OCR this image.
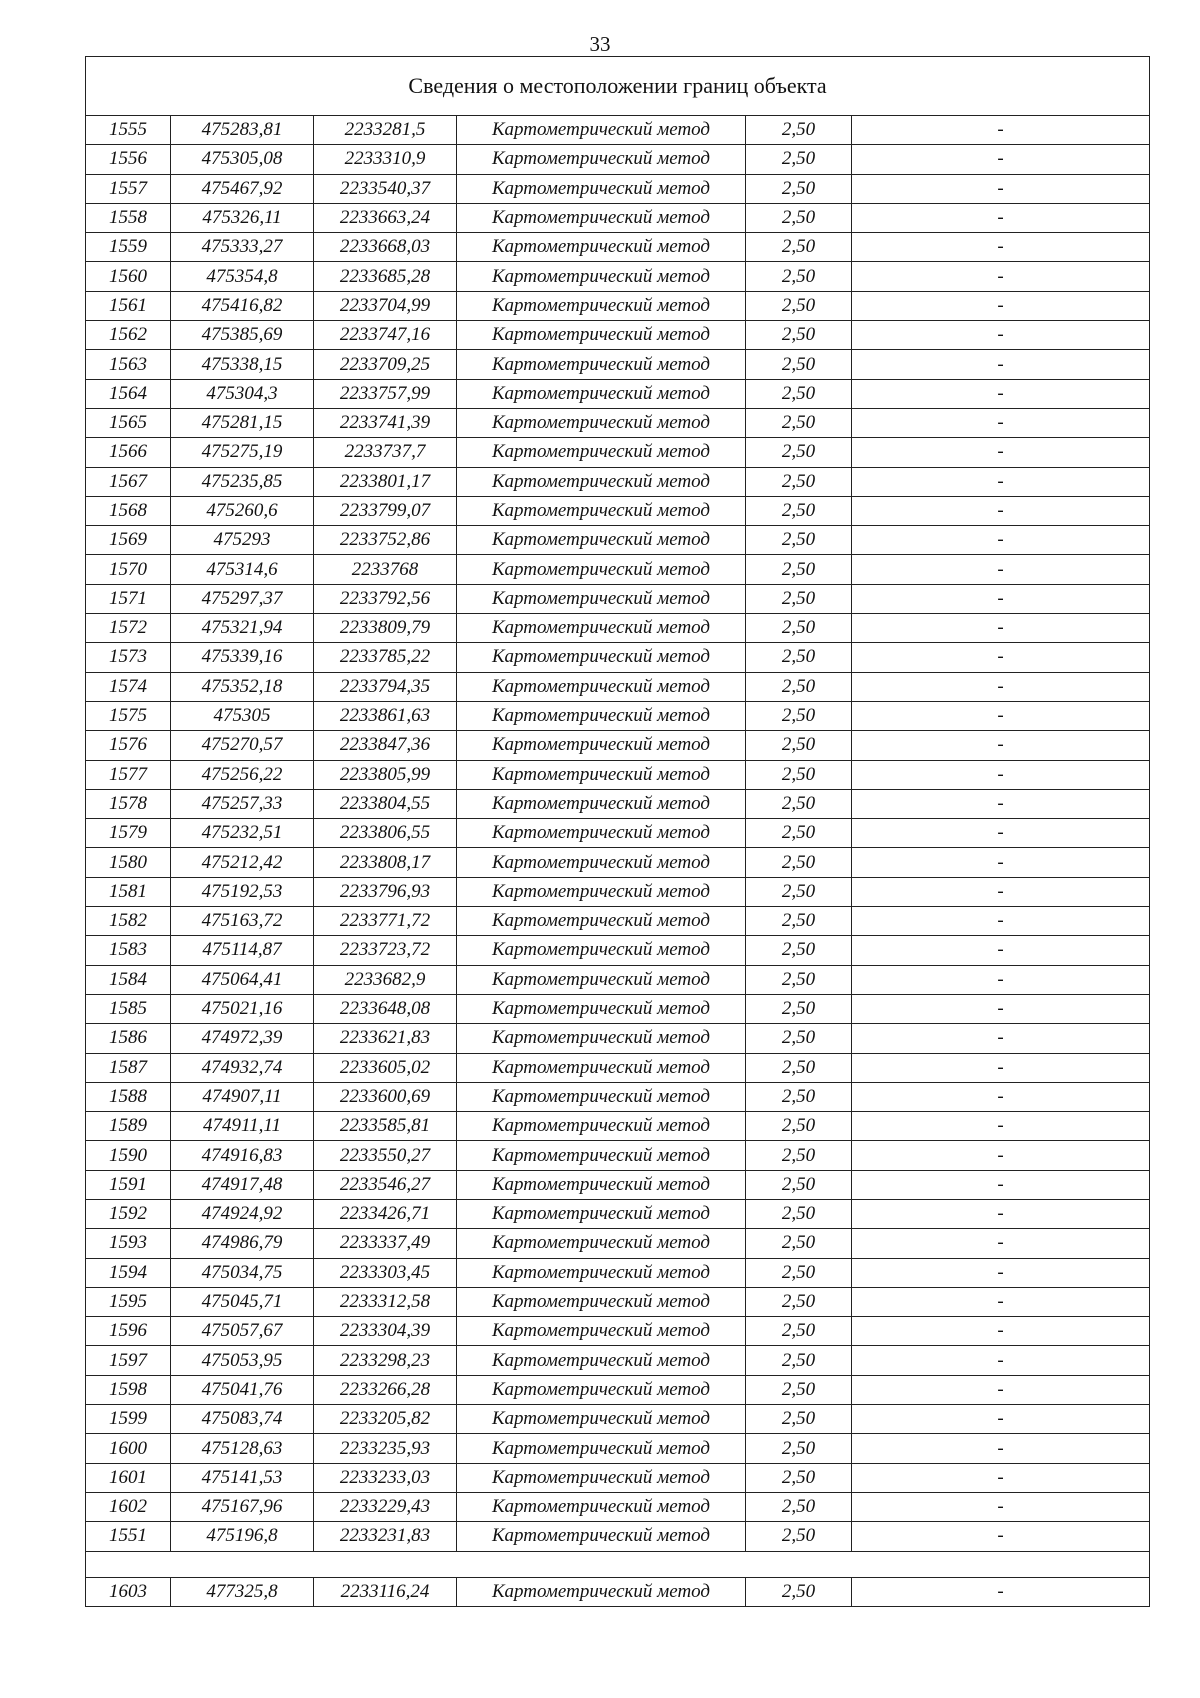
33
Сведения о местоположении границ объекта					
1555	475283,81	2233281,5	Картометрический метод	2,50	-
1556	475305,08	2233310,9	Картометрический метод	2,50	-
1557	475467,92	2233540,37	Картометрический метод	2,50	-
1558	475326,11	2233663,24	Картометрический метод	2,50	-
1559	475333,27	2233668,03	Картометрический метод	2,50	-
1560	475354,8	2233685,28	Картометрический метод	2,50	-
1561	475416,82	2233704,99	Картометрический метод	2,50	-
1562	475385,69	2233747,16	Картометрический метод	2,50	-
1563	475338,15	2233709,25	Картометрический метод	2,50	-
1564	475304,3	2233757,99	Картометрический метод	2,50	-
1565	475281,15	2233741,39	Картометрический метод	2,50	-
1566	475275,19	2233737,7	Картометрический метод	2,50	-
1567	475235,85	2233801,17	Картометрический метод	2,50	-
1568	475260,6	2233799,07	Картометрический метод	2,50	-
1569	475293	2233752,86	Картометрический метод	2,50	-
1570	475314,6	2233768	Картометрический метод	2,50	-
1571	475297,37	2233792,56	Картометрический метод	2,50	-
1572	475321,94	2233809,79	Картометрический метод	2,50	-
1573	475339,16	2233785,22	Картометрический метод	2,50	-
1574	475352,18	2233794,35	Картометрический метод	2,50	-
1575	475305	2233861,63	Картометрический метод	2,50	-
1576	475270,57	2233847,36	Картометрический метод	2,50	-
1577	475256,22	2233805,99	Картометрический метод	2,50	-
1578	475257,33	2233804,55	Картометрический метод	2,50	-
1579	475232,51	2233806,55	Картометрический метод	2,50	-
1580	475212,42	2233808,17	Картометрический метод	2,50	-
1581	475192,53	2233796,93	Картометрический метод	2,50	-
1582	475163,72	2233771,72	Картометрический метод	2,50	-
1583	475114,87	2233723,72	Картометрический метод	2,50	-
1584	475064,41	2233682,9	Картометрический метод	2,50	-
1585	475021,16	2233648,08	Картометрический метод	2,50	-
1586	474972,39	2233621,83	Картометрический метод	2,50	-
1587	474932,74	2233605,02	Картометрический метод	2,50	-
1588	474907,11	2233600,69	Картометрический метод	2,50	-
1589	474911,11	2233585,81	Картометрический метод	2,50	-
1590	474916,83	2233550,27	Картометрический метод	2,50	-
1591	474917,48	2233546,27	Картометрический метод	2,50	-
1592	474924,92	2233426,71	Картометрический метод	2,50	-
1593	474986,79	2233337,49	Картометрический метод	2,50	-
1594	475034,75	2233303,45	Картометрический метод	2,50	-
1595	475045,71	2233312,58	Картометрический метод	2,50	-
1596	475057,67	2233304,39	Картометрический метод	2,50	-
1597	475053,95	2233298,23	Картометрический метод	2,50	-
1598	475041,76	2233266,28	Картометрический метод	2,50	-
1599	475083,74	2233205,82	Картометрический метод	2,50	-
1600	475128,63	2233235,93	Картометрический метод	2,50	-
1601	475141,53	2233233,03	Картометрический метод	2,50	-
1602	475167,96	2233229,43	Картометрический метод	2,50	-
1551	475196,8	2233231,83	Картометрический метод	2,50	-

1603	477325,8	2233116,24	Картометрический метод	2,50	-
